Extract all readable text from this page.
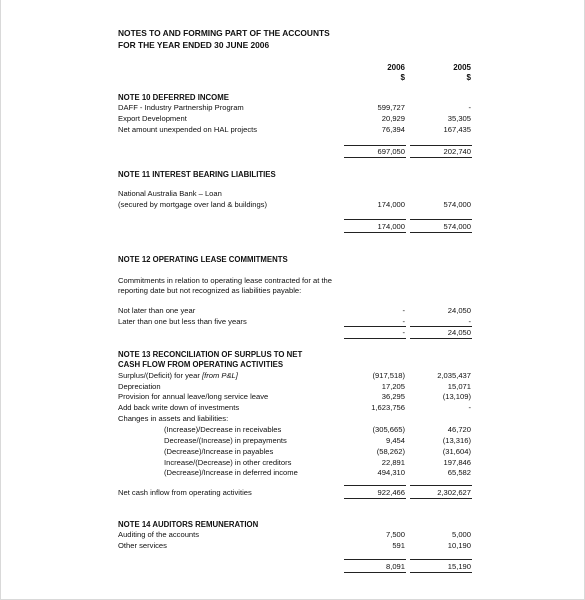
NOTES TO AND FORMING PART OF THE ACCOUNTS
FOR THE YEAR ENDED 30 JUNE 2006
2006	2005
$	$
NOTE 10 DEFERRED INCOME
DAFF - Industry Partnership Program	599,727	-
Export Development	20,929	35,305
Net amount unexpended on HAL projects	76,394	167,435
697,050	202,740
NOTE 11 INTEREST BEARING LIABILITIES
National Australia Bank – Loan
(secured by mortgage over land & buildings)	174,000	574,000
174,000	574,000
NOTE 12 OPERATING LEASE COMMITMENTS
Commitments in relation to operating lease contracted for at the reporting date but not recognized as liabilities payable:
Not later than one year	-	24,050
Later than one but less than five years	-	-
-	24,050
NOTE 13 RECONCILIATION OF SURPLUS TO NET
CASH FLOW FROM OPERATING ACTIVITIES
Surplus/(Deficit) for year [from P&L]	(917,518)	2,035,437
Depreciation	17,205	15,071
Provision for annual leave/long service leave	36,295	(13,109)
Add back write down of investments	1,623,756	-
Changes in assets and liabilities:
(Increase)/Decrease in receivables	(305,665)	46,720
Decrease/(Increase) in prepayments	9,454	(13,316)
(Decrease)/Increase in payables	(58,262)	(31,604)
Increase/(Decrease) in other creditors	22,891	197,846
(Decrease)/Increase in deferred income	494,310	65,582
Net cash inflow from operating activities	922,466	2,302,627
NOTE 14 AUDITORS REMUNERATION
Auditing of the accounts	7,500	5,000
Other services	591	10,190
8,091	15,190
